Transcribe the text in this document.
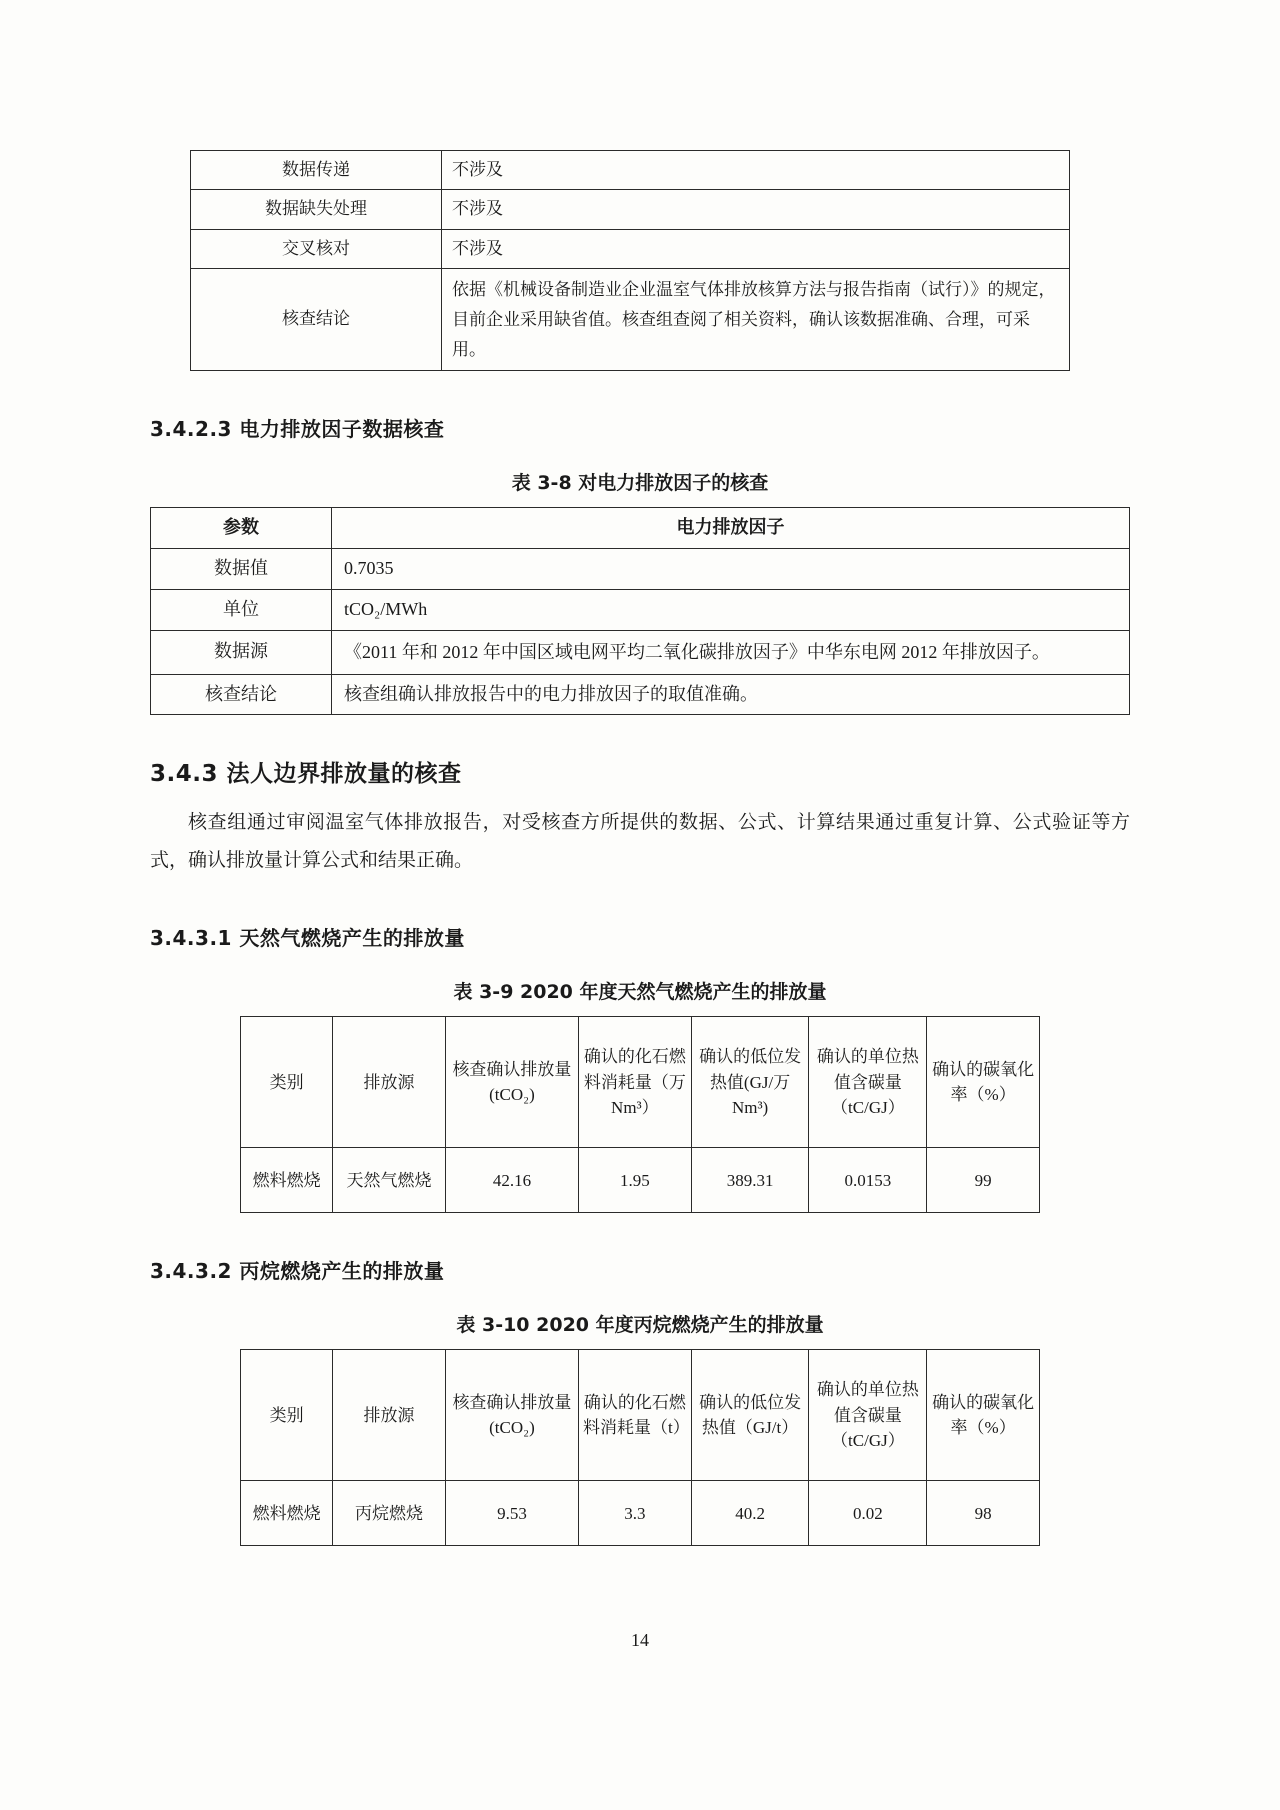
数据传递	不涉及
数据缺失处理	不涉及
交叉核对	不涉及
核查结论	依据《机械设备制造业企业温室气体排放核算方法与报告指南（试行）》的规定，目前企业采用缺省值。核查组查阅了相关资料，确认该数据准确、合理，可采用。
3.4.2.3 电力排放因子数据核查
表 3-8 对电力排放因子的核查
参数	电力排放因子
数据值	0.7035
单位	tCO₂/MWh
数据源	《2011 年和 2012 年中国区域电网平均二氧化碳排放因子》中华东电网 2012 年排放因子。
核查结论	核查组确认排放报告中的电力排放因子的取值准确。
3.4.3 法人边界排放量的核查

核查组通过审阅温室气体排放报告，对受核查方所提供的数据、公式、计算结果通过重复计算、公式验证等方式，确认排放量计算公式和结果正确。

3.4.3.1 天然气燃烧产生的排放量
表 3-9 2020 年度天然气燃烧产生的排放量
类别	排放源	核查确认排放量(tCO₂)	确认的化石燃料消耗量（万 Nm³）	确认的低位发热值(GJ/万 Nm³)	确认的单位热值含碳量（tC/GJ）	确认的碳氧化率（%）
燃料燃烧	天然气燃烧	42.16	1.95	389.31	0.0153	99
3.4.3.2 丙烷燃烧产生的排放量
表 3-10 2020 年度丙烷燃烧产生的排放量
类别	排放源	核查确认排放量(tCO₂)	确认的化石燃料消耗量（t）	确认的低位发热值（GJ/t）	确认的单位热值含碳量（tC/GJ）	确认的碳氧化率（%）
燃料燃烧	丙烷燃烧	9.53	3.3	40.2	0.02	98
14
